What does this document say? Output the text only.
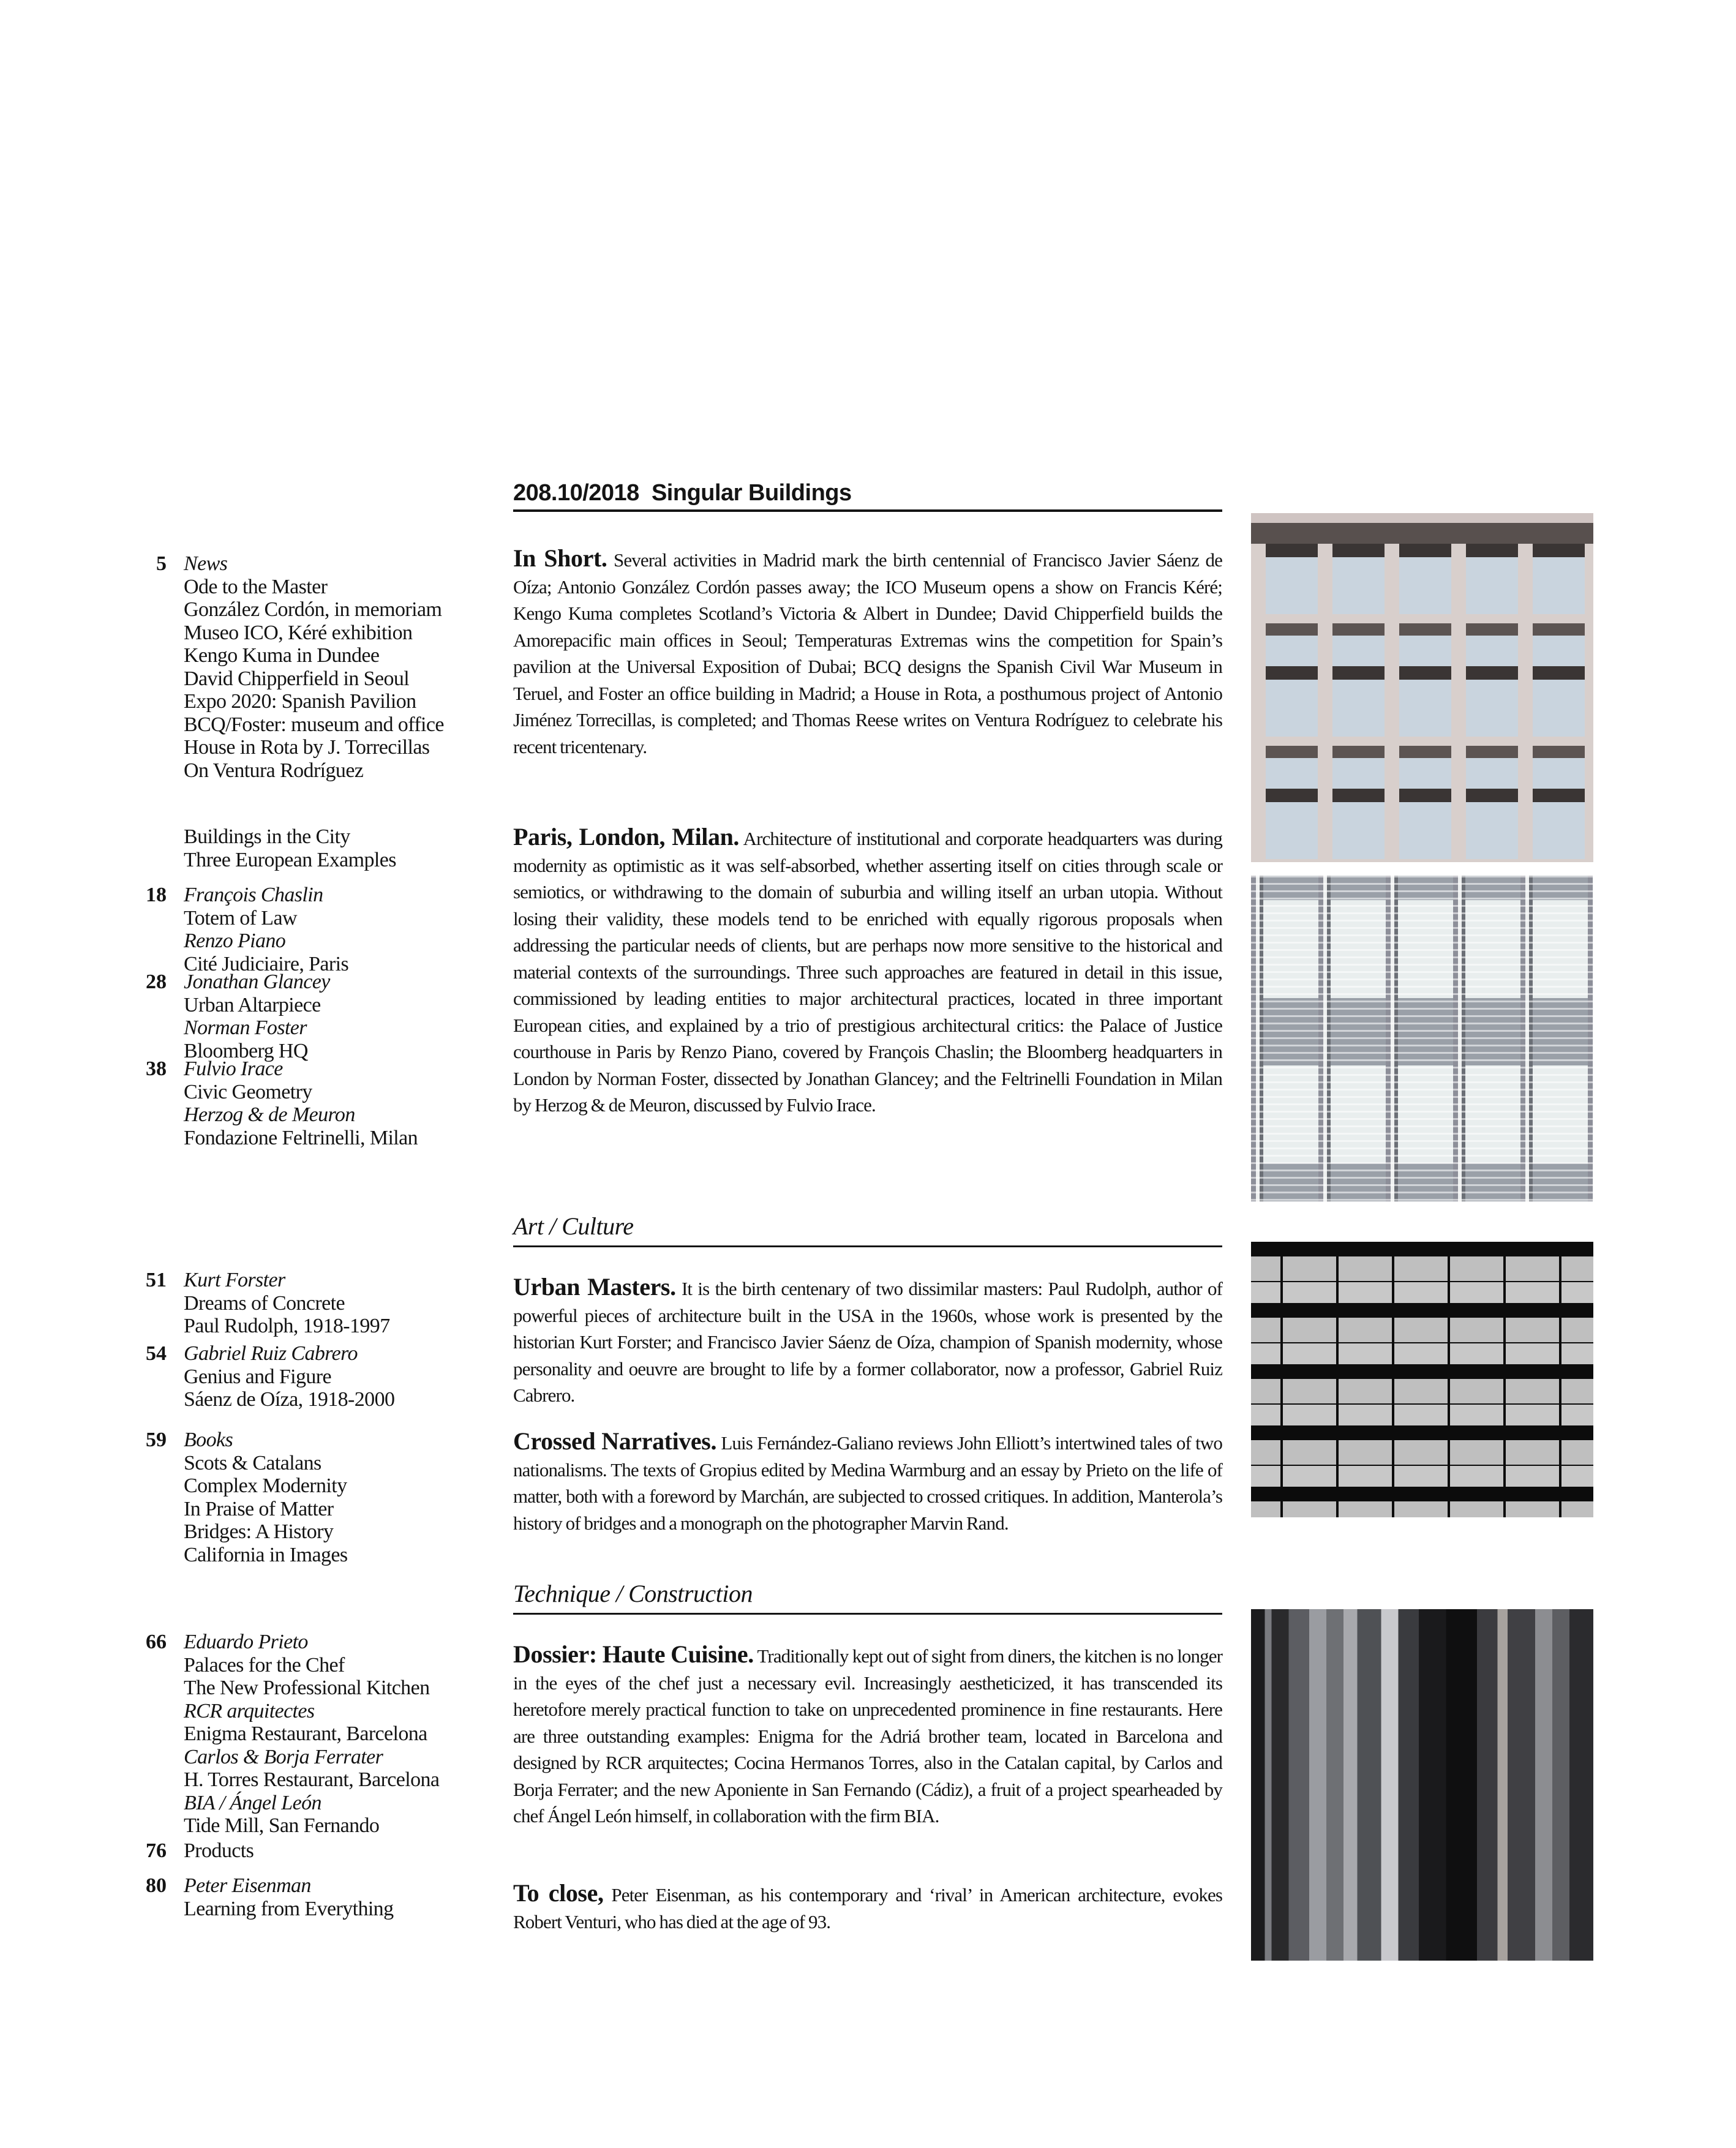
208.10/2018 Singular Buildings
5 News
Ode to the Master
González Cordón, in memoriam
Museo ICO, Kéré exhibition
Kengo Kuma in Dundee
David Chipperfield in Seoul
Expo 2020: Spanish Pavilion
BCQ/Foster: museum and office
House in Rota by J. Torrecillas
On Ventura Rodríguez
Buildings in the City
Three European Examples
18 François Chaslin
Totem of Law
Renzo Piano
Cité Judiciaire, Paris
28 Jonathan Glancey
Urban Altarpiece
Norman Foster
Bloomberg HQ
38 Fulvio Irace
Civic Geometry
Herzog & de Meuron
Fondazione Feltrinelli, Milan
51 Kurt Forster
Dreams of Concrete
Paul Rudolph, 1918-1997
54 Gabriel Ruiz Cabrero
Genius and Figure
Sáenz de Oíza, 1918-2000
59 Books
Scots & Catalans
Complex Modernity
In Praise of Matter
Bridges: A History
California in Images
66 Eduardo Prieto
Palaces for the Chef
The New Professional Kitchen
RCR arquitectes
Enigma Restaurant, Barcelona
Carlos & Borja Ferrater
H. Torres Restaurant, Barcelona
BIA / Ángel León
Tide Mill, San Fernando
76 Products
80 Peter Eisenman
Learning from Everything

In Short. Several activities in Madrid mark the birth centennial of Francisco Javier Sáenz de Oíza; Antonio González Cordón passes away; the ICO Museum opens a show on Francis Kéré; Kengo Kuma completes Scotland’s Victoria & Albert in Dundee; David Chipperfield builds the Amorepacific main offices in Seoul; Temperaturas Extremas wins the competition for Spain’s pavilion at the Universal Exposition of Dubai; BCQ designs the Spanish Civil War Museum in Teruel, and Foster an office building in Madrid; a House in Rota, a posthumous project of Antonio Jiménez Torrecillas, is completed; and Thomas Reese writes on Ventura Rodríguez to celebrate his recent tricentenary.

Paris, London, Milan. Architecture of institutional and corporate headquarters was during modernity as optimistic as it was self-absorbed, whether asserting itself on cities through scale or semiotics, or withdrawing to the domain of suburbia and willing itself an urban utopia. Without losing their validity, these models tend to be enriched with equally rigorous proposals when addressing the particular needs of clients, but are perhaps now more sensitive to the historical and material contexts of the surroundings. Three such approaches are featured in detail in this issue, commissioned by leading entities to major architectural practices, located in three important European cities, and explained by a trio of prestigious architectural critics: the Palace of Justice courthouse in Paris by Renzo Piano, covered by François Chaslin; the Bloomberg headquarters in London by Norman Foster, dissected by Jonathan Glancey; and the Feltrinelli Foundation in Milan by Herzog & de Meuron, discussed by Fulvio Irace.

Art / Culture

Urban Masters. It is the birth centenary of two dissimilar masters: Paul Rudolph, author of powerful pieces of architecture built in the USA in the 1960s, whose work is presented by the historian Kurt Forster; and Francisco Javier Sáenz de Oíza, champion of Spanish modernity, whose personality and oeuvre are brought to life by a former collaborator, now a professor, Gabriel Ruiz Cabrero.

Crossed Narratives. Luis Fernández-Galiano reviews John Elliott’s intertwined tales of two nationalisms. The texts of Gropius edited by Medina Warmburg and an essay by Prieto on the life of matter, both with a foreword by Marchán, are subjected to crossed critiques. In addition, Manterola’s history of bridges and a monograph on the photographer Marvin Rand.

Technique / Construction

Dossier: Haute Cuisine. Traditionally kept out of sight from diners, the kitchen is no longer in the eyes of the chef just a necessary evil. Increasingly aestheticized, it has transcended its heretofore merely practical function to take on unprecedented prominence in fine restaurants. Here are three outstanding examples: Enigma for the Adriá brother team, located in Barcelona and designed by RCR arquitectes; Cocina Hermanos Torres, also in the Catalan capital, by Carlos and Borja Ferrater; and the new Aponiente in San Fernando (Cádiz), a fruit of a project spearheaded by chef Ángel León himself, in collaboration with the firm BIA.

To close, Peter Eisenman, as his contemporary and ‘rival’ in American architecture, evokes Robert Venturi, who has died at the age of 93.
